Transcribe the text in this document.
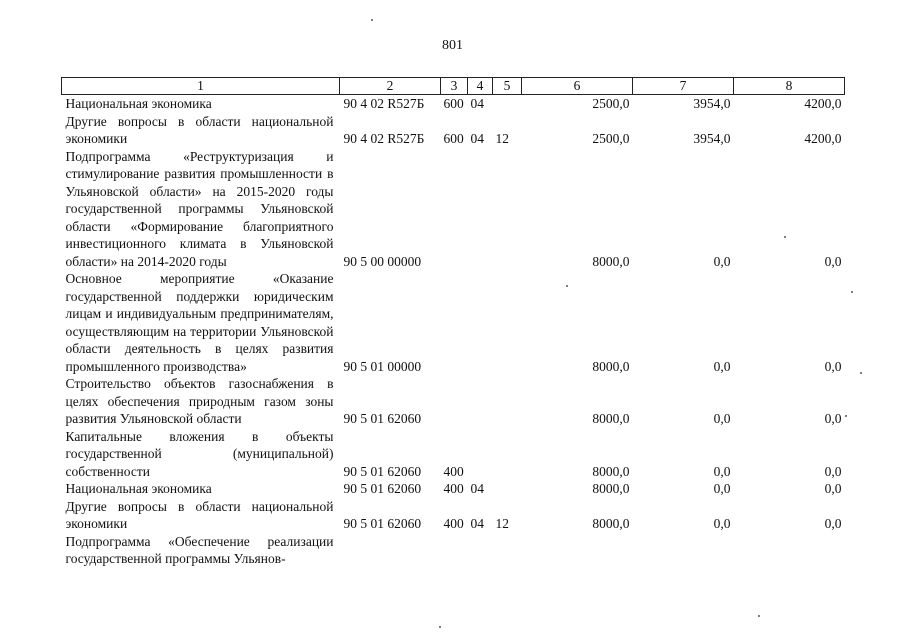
801
1	2	3	4	5	6	7	8
Национальная экономика	90 4 02 R527Б	600	04		2500,0	3954,0	4200,0
Другие вопросы в области национальной экономики	90 4 02 R527Б	600	04	12	2500,0	3954,0	4200,0
Подпрограмма «Реструктуризация и стимулирование развития промышленности в Ульяновской области» на 2015-2020 годы государственной программы Ульяновской области «Формирование благоприятного инвестиционного климата в Ульяновской области» на 2014-2020 годы	90 5 00 00000				8000,0	0,0	0,0
Основное мероприятие «Оказание государственной поддержки юридическим лицам и индивидуальным предпринимателям, осуществляющим на территории Ульяновской области деятельность в целях развития промышленного производства»	90 5 01 00000				8000,0	0,0	0,0
Строительство объектов газоснабжения в целях обеспечения природным газом зоны развития Ульяновской области	90 5 01 62060				8000,0	0,0	0,0
Капитальные вложения в объекты государственной (муниципальной) собственности	90 5 01 62060	400			8000,0	0,0	0,0
Национальная экономика	90 5 01 62060	400	04		8000,0	0,0	0,0
Другие вопросы в области национальной экономики	90 5 01 62060	400	04	12	8000,0	0,0	0,0
Подпрограмма «Обеспечение реализации государственной программы Ульянов-							
